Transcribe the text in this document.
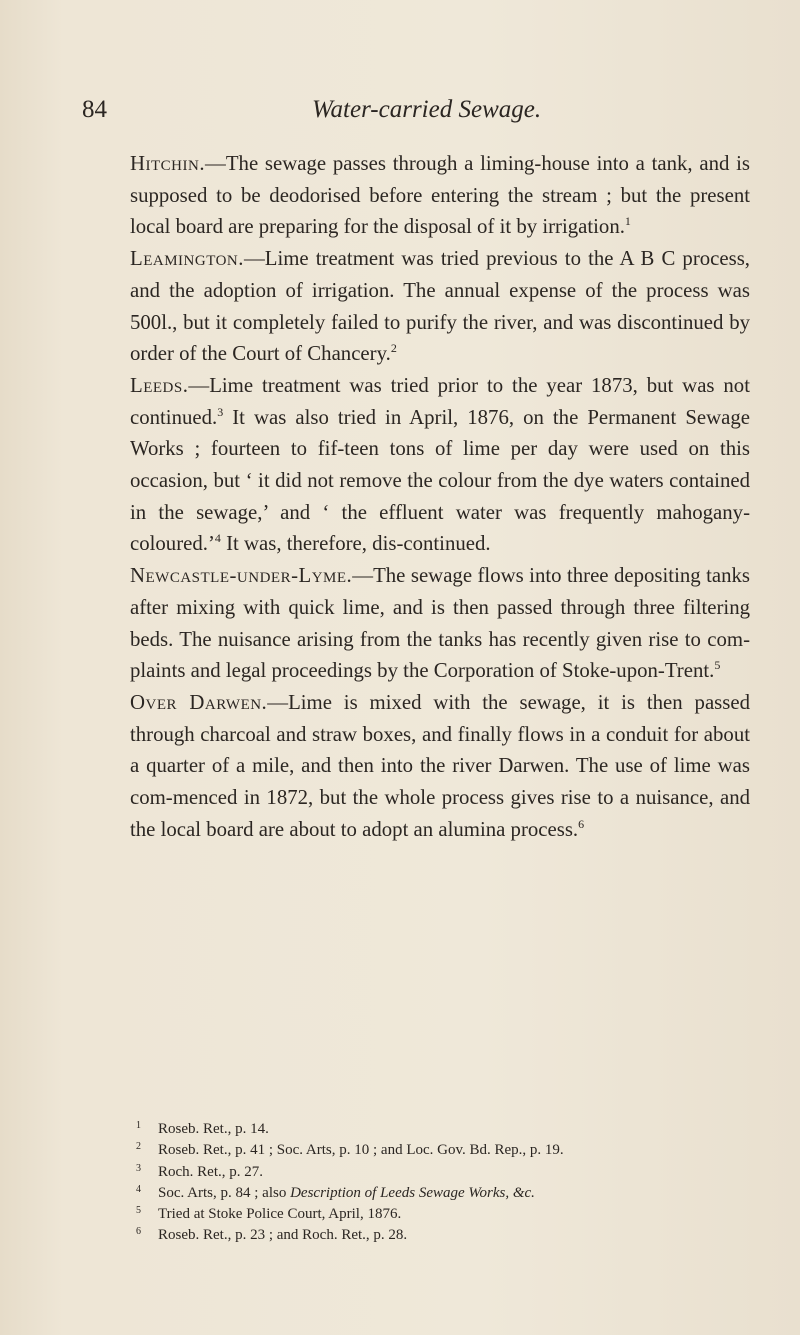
84	Water-carried Sewage.

Hitchin.—The sewage passes through a liming-house into a tank, and is supposed to be deodorised before entering the stream ; but the present local board are preparing for the disposal of it by irrigation.$^1$

Leamington.—Lime treatment was tried previous to the A B C process, and the adoption of irrigation. The annual expense of the process was 500l., but it completely failed to purify the river, and was discontinued by order of the Court of Chancery.$^2$

Leeds.—Lime treatment was tried prior to the year 1873, but was not continued.$^3$ It was also tried in April, 1876, on the Permanent Sewage Works ; fourteen to fif-teen tons of lime per day were used on this occasion, but ‘ it did not remove the colour from the dye waters contained in the sewage,’ and ‘ the effluent water was frequently mahogany-coloured.’$^4$ It was, therefore, dis-continued.

Newcastle-under-Lyme.—The sewage flows into three depositing tanks after mixing with quick lime, and is then passed through three filtering beds. The nuisance arising from the tanks has recently given rise to com-plaints and legal proceedings by the Corporation of Stoke-upon-Trent.$^5$

Over Darwen.—Lime is mixed with the sewage, it is then passed through charcoal and straw boxes, and finally flows in a conduit for about a quarter of a mile, and then into the river Darwen. The use of lime was com-menced in 1872, but the whole process gives rise to a nuisance, and the local board are about to adopt an alumina process.$^6$

1 Roseb. Ret., p. 14.

2 Roseb. Ret., p. 41 ; Soc. Arts, p. 10 ; and Loc. Gov. Bd. Rep., p. 19.

3 Roch. Ret., p. 27.

4 Soc. Arts, p. 84 ; also Description of Leeds Sewage Works, &c.

5 Tried at Stoke Police Court, April, 1876.

6 Roseb. Ret., p. 23 ; and Roch. Ret., p. 28.
